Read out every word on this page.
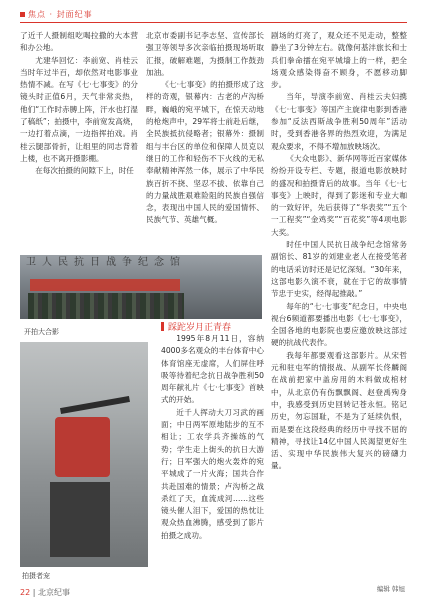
焦点 · 封面纪事

了近千人摄制组吃喝拉撒的大本营和办公地。

尤建华回忆：李前宽、肖桂云当时年过半百，却依然对电影事业热情不减。在写《七·七事变》的分镜头时正值6月，天气非常炎热，他们“工作时赤膊上阵，汗水也打湿了稿纸”；拍摄中，李前宽发高烧，一边打着点滴，一边指挥拍戏。肖桂云腿部骨折，让组里的同志背着上楼，也不离开摄影棚。

在每次拍摄的间隙下上，时任

北京市委副书记李志坚、宣传部长强卫等领导多次亲临拍摄现场听取汇报，破解难题，为摄制工作鼓劲加油。

《七·七事变》的拍摄形成了这样的奇观，银幕内：古老的卢沟桥畔，巍峨的宛平城下，在惊天动地的枪炮声中，29军将士前赴后继，全民族抵抗侵略者；银幕外：摄制组与丰台区的单位和保障人员克以继日的工作和轻伤不下火线的无私奉献精神浑然一体，展示了中华民族百折不挠、坚忍不拔、依靠自己的力量战胜艰难险阻的民族自强信念，表现出中国人民的爱国情怀、民族气节、英雄气概。

卫人民抗日战争纪念馆
开拍大合影	踩跎岁月正青春

1995年8月11日，容纳4000多名观众的丰台体育中心体育馆座无虚席，人们屏住呼吸等待着纪念抗日战争胜利50周年献礼片《七·七事变》首映式的开始。

近千人挥动大刀习武的画面；中日两军原地陆步的互不相让；工农学兵齐操练的气势；学生走上街头的抗日大游行；日军强大的炮火轰炸的宛平城成了一片火海；国共合作共赴国难的情景；卢沟桥之战杀红了天，血流成河……这些镜头催人泪下，爱国的热忱让观众热血沸腾，感受到了影片拍摄之成功。

拍摄者宠

剧场的灯亮了，观众还不见走动，整整静坐了3分钟左右。就像何基沣旅长和士兵们拳命擂在宛平城墙上的一样，把全场观众感染得奋不顾身，不愿移动脚步。

当年，导演李前宽、肖桂云夫妇携《七·七事变》等国产主旋律电影到香港参加“反法西斯战争胜利50周年”活动时，受到香港各界的热烈欢迎，为满足观众要求，不得不增加放映场次。

《大众电影》、新华网等近百家媒体纷纷开设专栏、专题，报道电影放映时的盛况和拍摄背后的故事。当年《七·七事变》上映时，得到了影迷和专业大咖的一致好评，先后获得了“华表奖”“五个一工程奖”“金鸡奖”“百花奖”等4项电影大奖。

时任中国人民抗日战争纪念馆常务副馆长、81岁的刘建业老人在接受笔者的电话采访时还是记忆深刻。“30年来，这部电影久演不衰，就在于它的故事情节忠于史实，经得起推敲。”

每年的“七·七事变”纪念日，中央电视台6频道都要播出电影《七·七事变》，全国各地的电影院也要应邀放映这部过硬的抗战代表作。

我每年都要观看这部影片。从宋哲元和驻屯军的情报战、从副军长佟麟阁在战前把家中盖房用的木料做成棺材中，从北京仍有伤飘飘阁、赵登禹殉身中，我感受到历史回转记苍永恒。铭记历史，勿忘国耻，不是为了延续仇恨，而是要在这段经典的经历中寻找不屈的精神，寻找让14亿中国人民渴望更好生活、实现中华民族伟大复兴的磅礴力量。

编辑 韩旭
22 | 北京纪事
